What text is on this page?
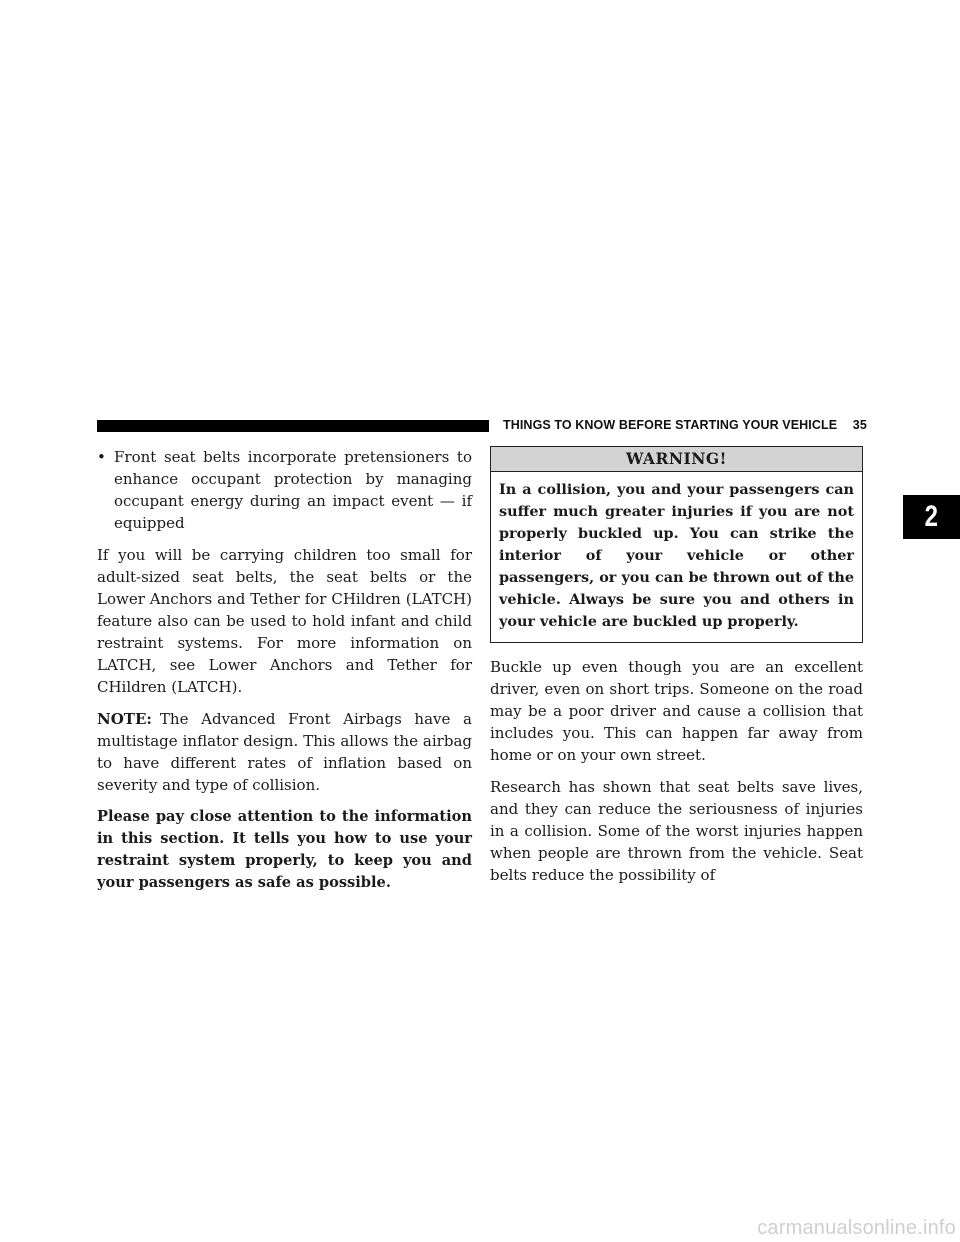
THINGS TO KNOW BEFORE STARTING YOUR VEHICLE 35
2
• Front seat belts incorporate pretensioners to enhance occupant protection by managing occupant energy during an impact event — if equipped

If you will be carrying children too small for adult-sized seat belts, the seat belts or the Lower Anchors and Tether for CHildren (LATCH) feature also can be used to hold infant and child restraint systems. For more information on LATCH, see Lower Anchors and Tether for CHildren (LATCH).

NOTE: The Advanced Front Airbags have a multistage inflator design. This allows the airbag to have different rates of inflation based on severity and type of collision.

Please pay close attention to the information in this section. It tells you how to use your restraint system properly, to keep you and your passengers as safe as possible.

WARNING!
In a collision, you and your passengers can suffer much greater injuries if you are not properly buckled up. You can strike the interior of your vehicle or other passengers, or you can be thrown out of the vehicle. Always be sure you and others in your vehicle are buckled up properly.

Buckle up even though you are an excellent driver, even on short trips. Someone on the road may be a poor driver and cause a collision that includes you. This can happen far away from home or on your own street.

Research has shown that seat belts save lives, and they can reduce the seriousness of injuries in a collision. Some of the worst injuries happen when people are thrown from the vehicle. Seat belts reduce the possibility of

carmanualsonline.info
